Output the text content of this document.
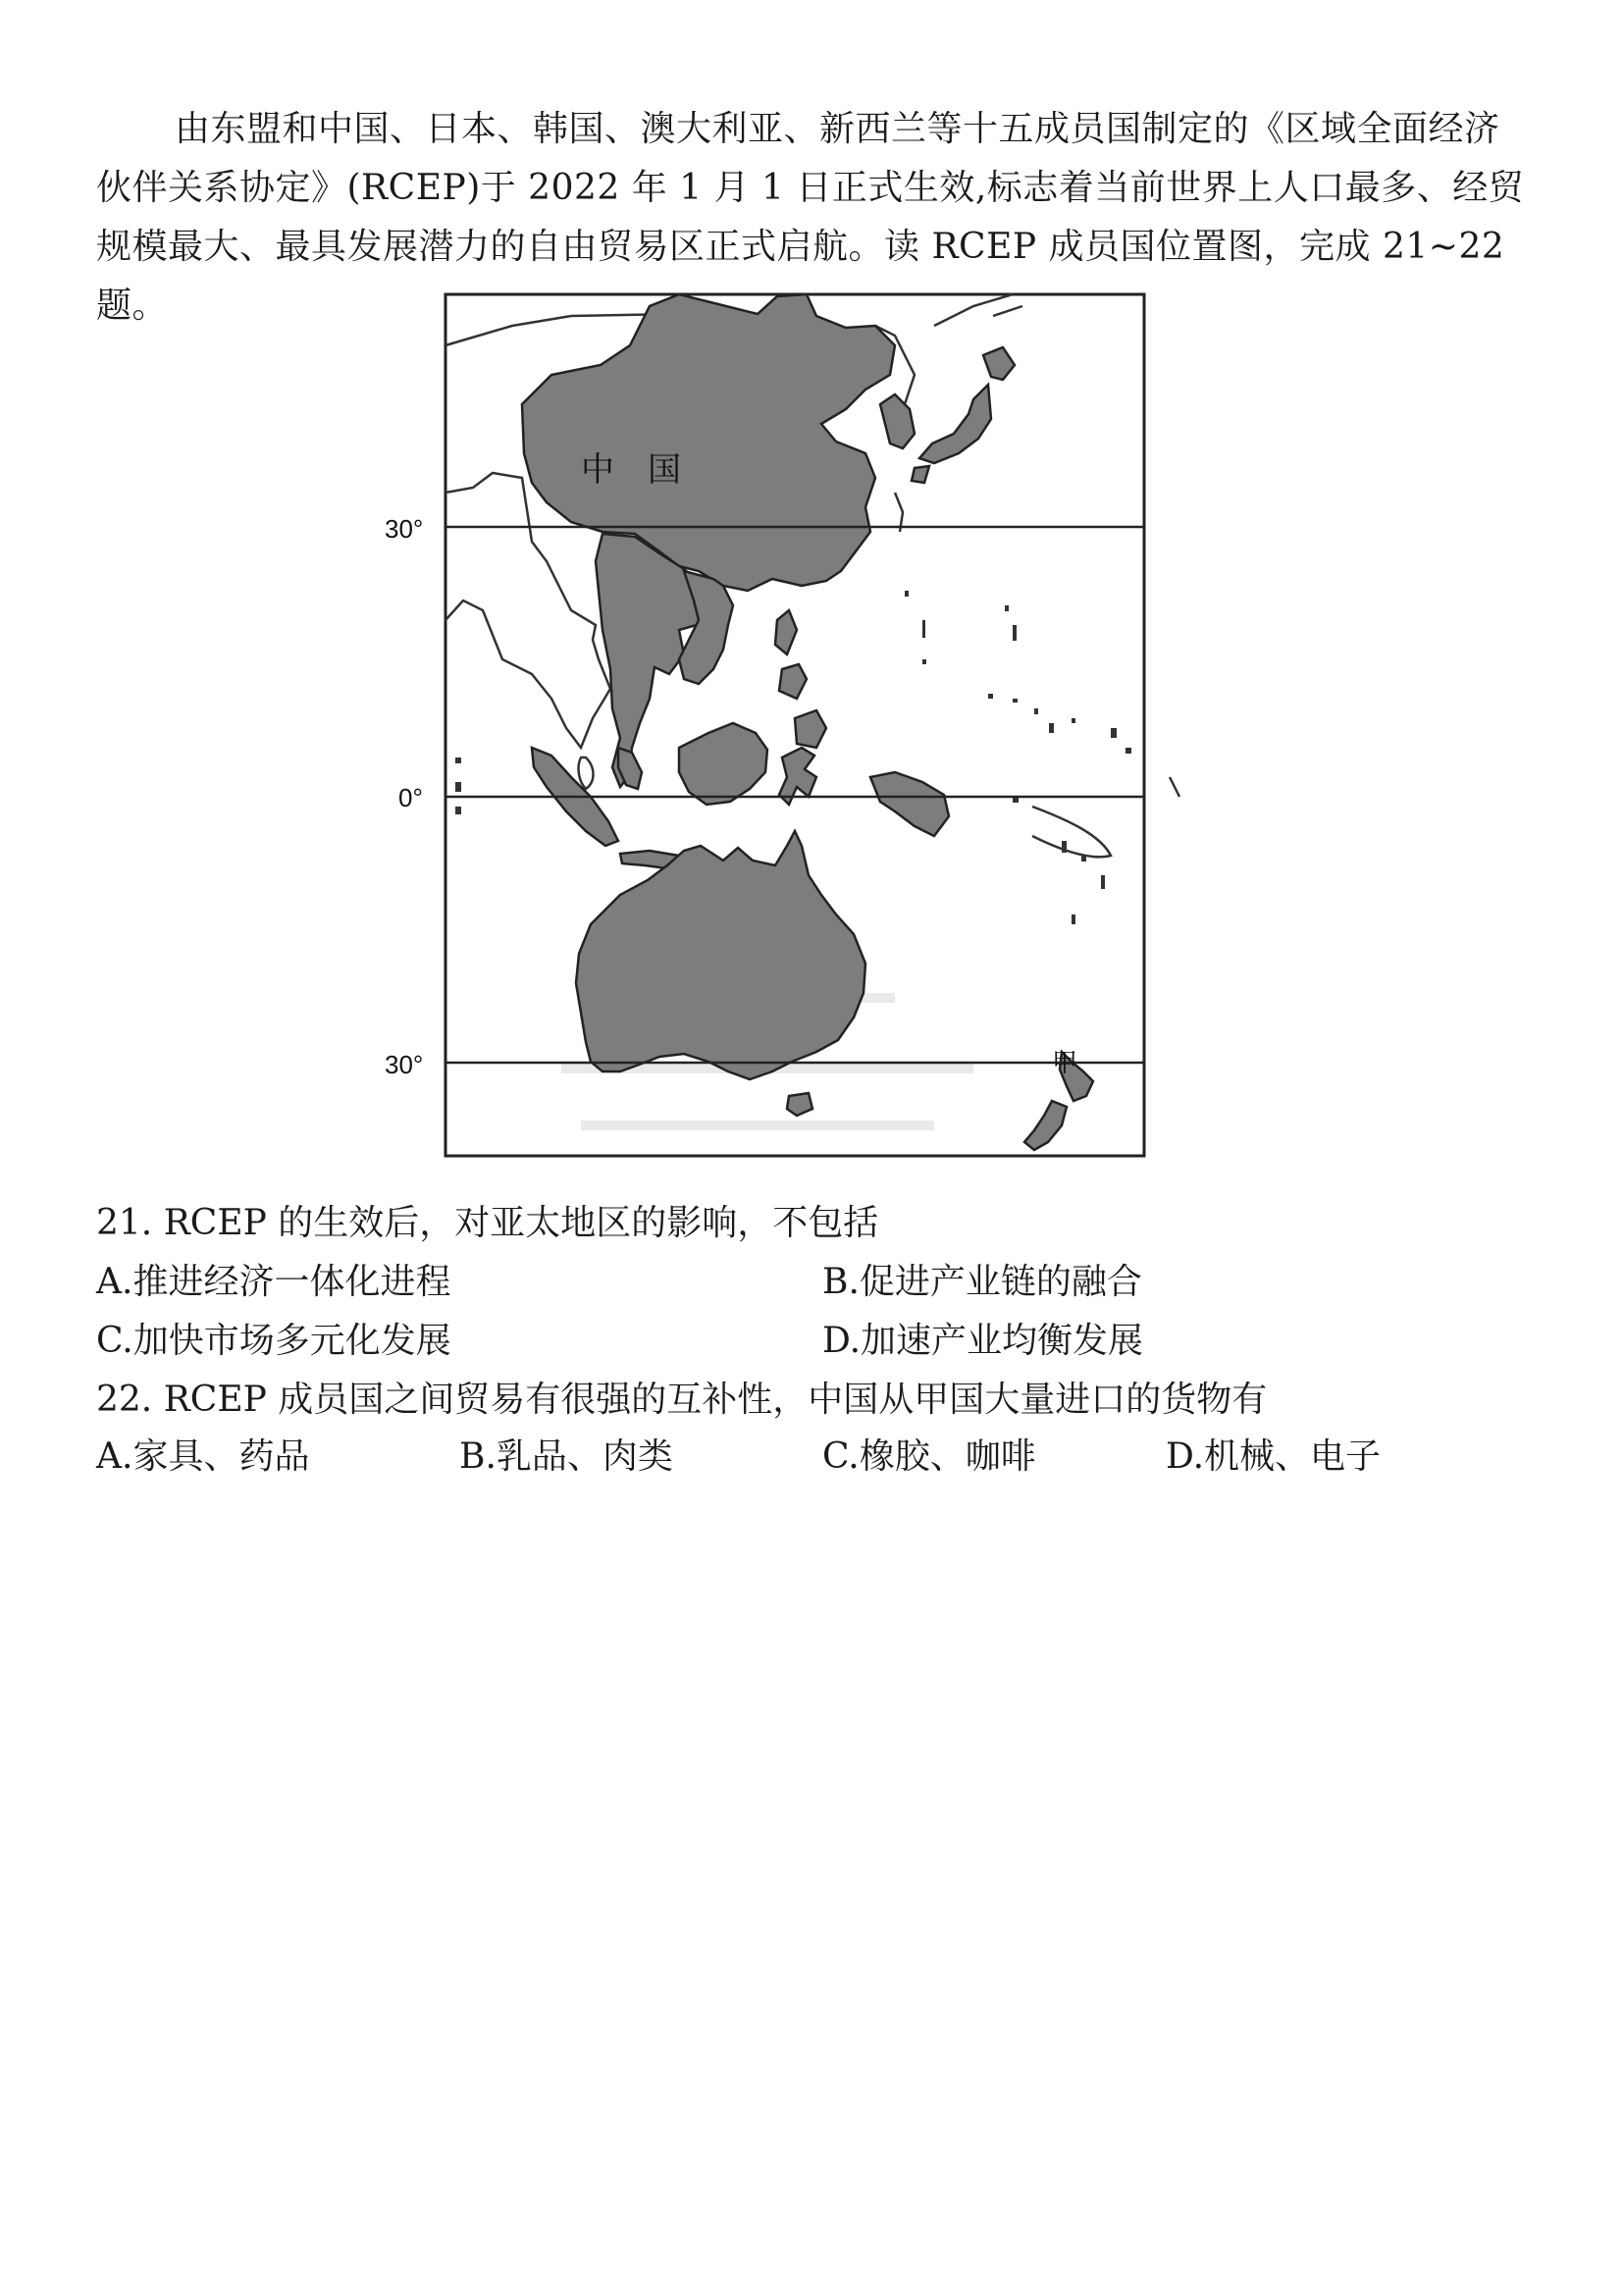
由东盟和中国、日本、韩国、澳大利亚、新西兰等十五成员国制定的《区域全面经济伙伴关系协定》(RCEP)于 2022 年 1 月 1 日正式生效,标志着当前世界上人口最多、经贸规模最大、最具发展潜力的自由贸易区正式启航。读 RCEP 成员国位置图，完成 21~22 题。

30°
0°
30°
中　国
甲

21. RCEP 的生效后，对亚太地区的影响，不包括

A.推进经济一体化进程	B.促进产业链的融合
C.加快市场多元化发展	D.加速产业均衡发展

22. RCEP 成员国之间贸易有很强的互补性，中国从甲国大量进口的货物有

A.家具、药品	B.乳品、肉类	C.橡胶、咖啡	D.机械、电子
